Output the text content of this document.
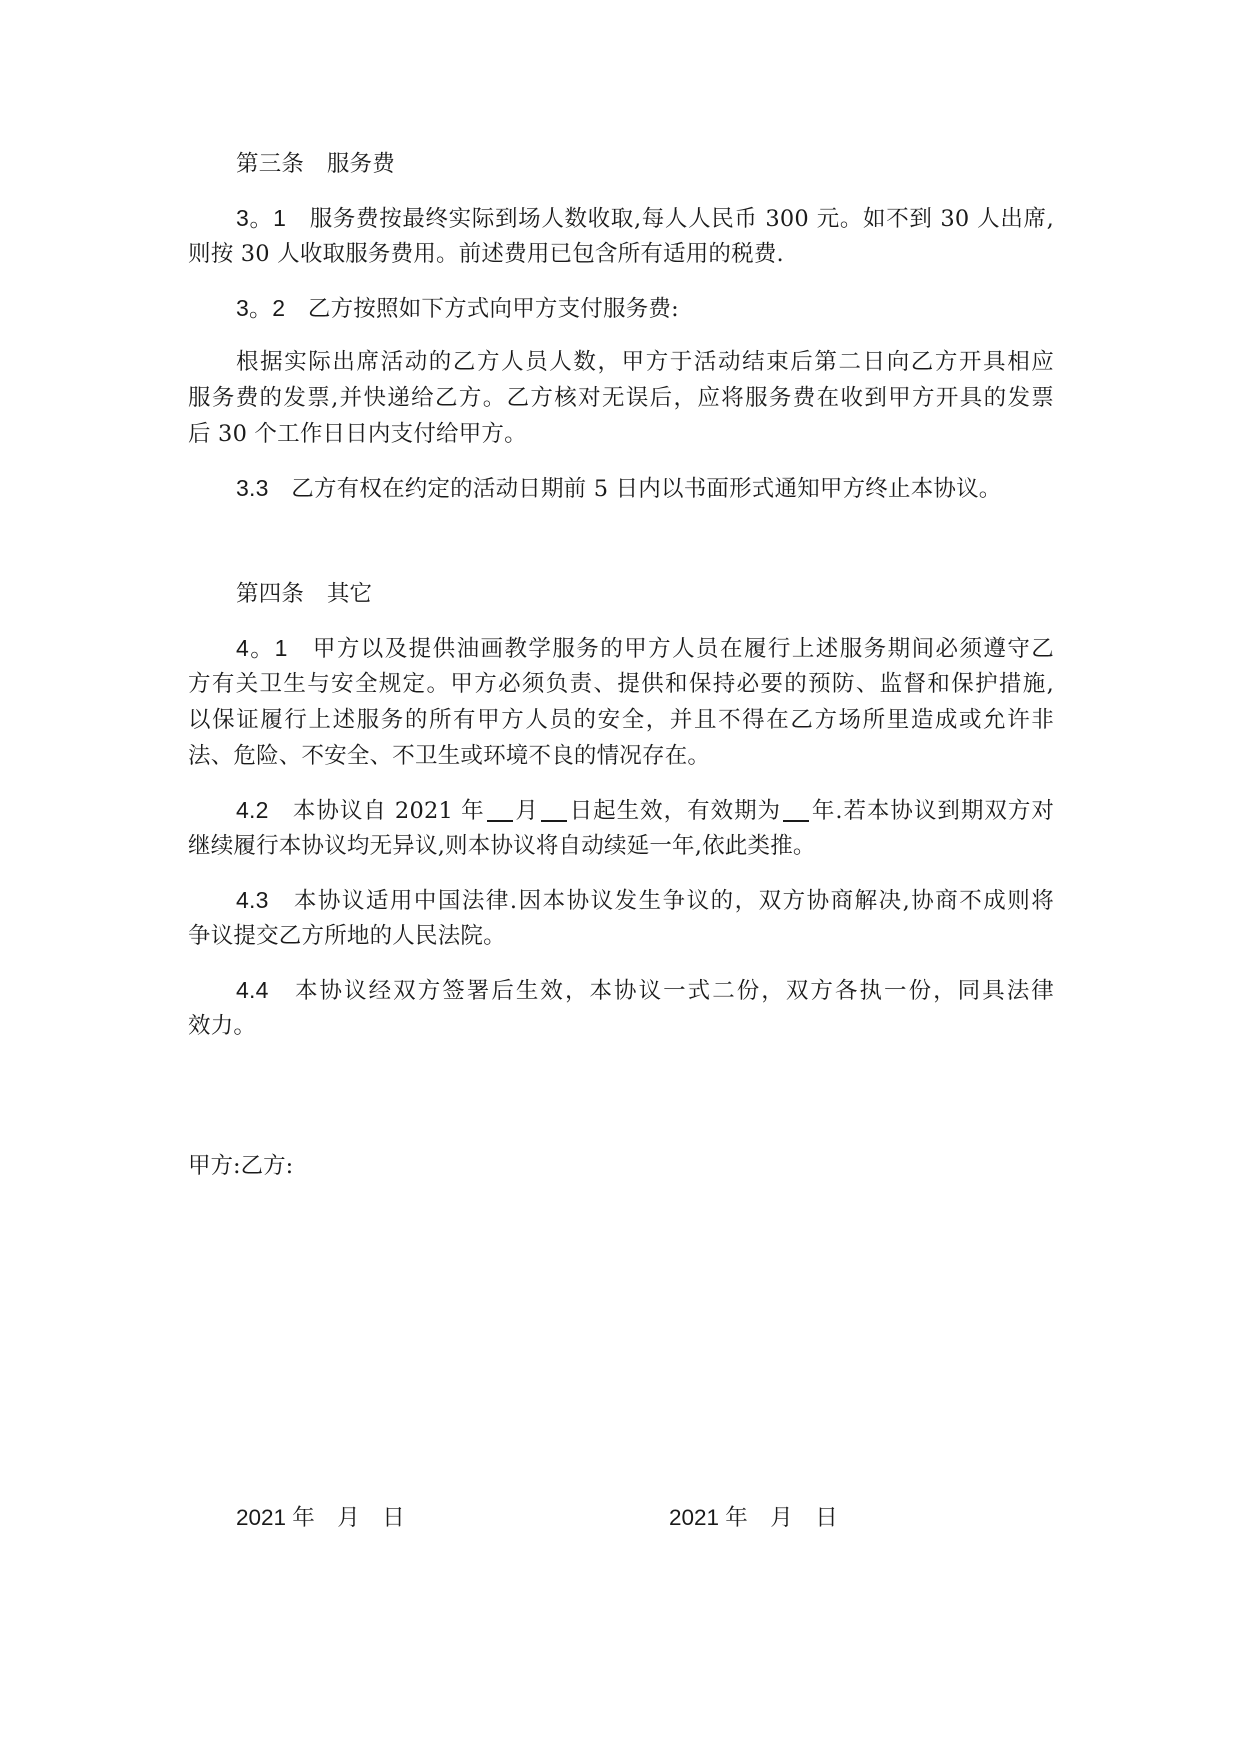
第三条　 服务费
3。1　 服务费按最终实际到场人数收取,每人人民币 300 元。如不到 30 人出席,
则按 30 人收取服务费用。前述费用已包含所有适用的税费.
3。2　 乙方按照如下方式向甲方支付服务费:
根据实际出席活动的乙方人员人数，甲方于活动结束后第二日向乙方开具相应
服务费的发票,并快递给乙方。乙方核对无误后，应将服务费在收到甲方开具的发票
后 30 个工作日日内支付给甲方。
3.3　 乙方有权在约定的活动日期前 5 日内以书面形式通知甲方终止本协议。
第四条　 其它
4。1　 甲方以及提供油画教学服务的甲方人员在履行上述服务期间必须遵守乙
方有关卫生与安全规定。甲方必须负责、提供和保持必要的预防、监督和保护措施,
以保证履行上述服务的所有甲方人员的安全，并且不得在乙方场所里造成或允许非
法、危险、不安全、不卫生或环境不良的情况存在。
4.2　 本协议自 2021 年 月 日起生效，有效期为 年.若本协议到期双方对
继续履行本协议均无异议,则本协议将自动续延一年,依此类推。
4.3　 本协议适用中国法律.因本协议发生争议的，双方协商解决,协商不成则将
争议提交乙方所地的人民法院。
4.4　 本协议经双方签署后生效，本协议一式二份，双方各执一份，同具法律
效力。
甲方:乙方:
2021 年　月　日	2021 年　月　日
